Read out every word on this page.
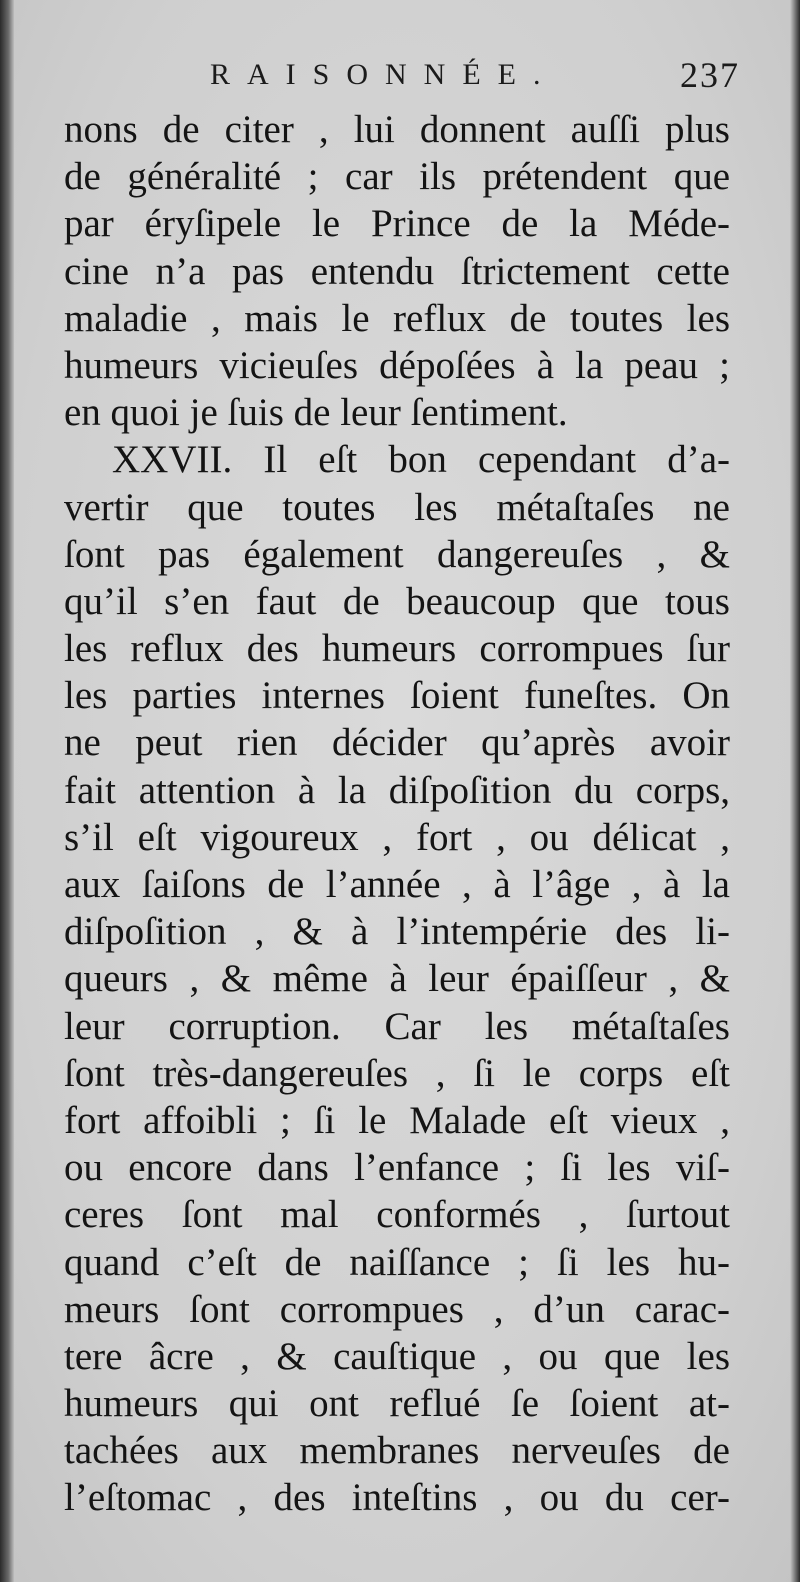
RAISONNÉE.	237
nons de citer , lui donnent auſſi plus
de généralité ; car ils prétendent que
par éryſipele le Prince de la Méde-
cine n’a pas entendu ſtrictement cette
maladie , mais le reflux de toutes les
humeurs vicieuſes dépoſées à la peau ;
en quoi je ſuis de leur ſentiment.
XXVII. Il eſt bon cependant d’a-
vertir que toutes les métaſtaſes ne
ſont pas également dangereuſes , &
qu’il s’en faut de beaucoup que tous
les reflux des humeurs corrompues ſur
les parties internes ſoient funeſtes. On
ne peut rien décider qu’après avoir
fait attention à la diſpoſition du corps,
s’il eſt vigoureux , fort , ou délicat ,
aux ſaiſons de l’année , à l’âge , à la
diſpoſition , & à l’intempérie des li-
queurs , & même à leur épaiſſeur , &
leur corruption. Car les métaſtaſes
ſont très-dangereuſes , ſi le corps eſt
fort affoibli ; ſi le Malade eſt vieux ,
ou encore dans l’enfance ; ſi les viſ-
ceres ſont mal conformés , ſurtout
quand c’eſt de naiſſance ; ſi les hu-
meurs ſont corrompues , d’un carac-
tere âcre , & cauſtique , ou que les
humeurs qui ont reflué ſe ſoient at-
tachées aux membranes nerveuſes de
l’eſtomac , des inteſtins , ou du cer-
